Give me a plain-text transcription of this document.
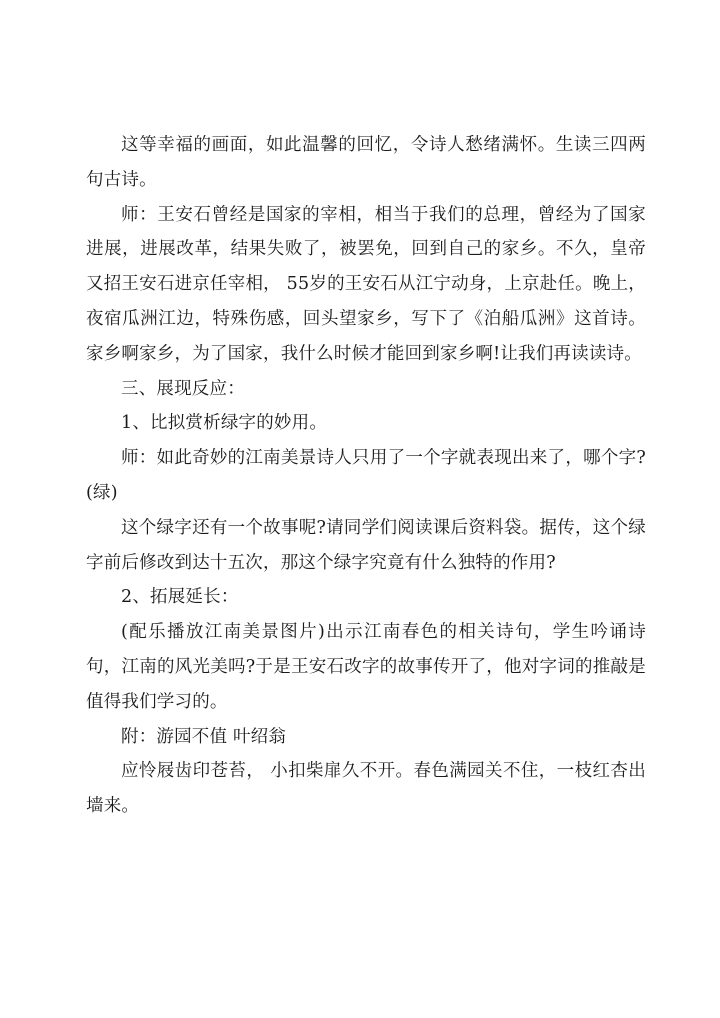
这等幸福的画面，如此温馨的回忆，令诗人愁绪满怀。生读三四两句古诗。

师：王安石曾经是国家的宰相，相当于我们的总理，曾经为了国家进展，进展改革，结果失败了，被罢免，回到自己的家乡。不久，皇帝又招王安石进京任宰相， 55岁的王安石从江宁动身，上京赴任。晚上，夜宿瓜洲江边，特殊伤感，回头望家乡，写下了《泊船瓜洲》这首诗。家乡啊家乡，为了国家，我什么时候才能回到家乡啊!让我们再读读诗。

三、展现反应：

1、比拟赏析绿字的妙用。

师：如此奇妙的江南美景诗人只用了一个字就表现出来了，哪个字?(绿)

这个绿字还有一个故事呢?请同学们阅读课后资料袋。据传，这个绿字前后修改到达十五次，那这个绿字究竟有什么独特的作用?

2、拓展延长：

(配乐播放江南美景图片)出示江南春色的相关诗句，学生吟诵诗句，江南的风光美吗?于是王安石改字的故事传开了，他对字词的推敲是值得我们学习的。

附：游园不值 叶绍翁

应怜屐齿印苍苔， 小扣柴扉久不开。春色满园关不住，一枝红杏出墙来。
